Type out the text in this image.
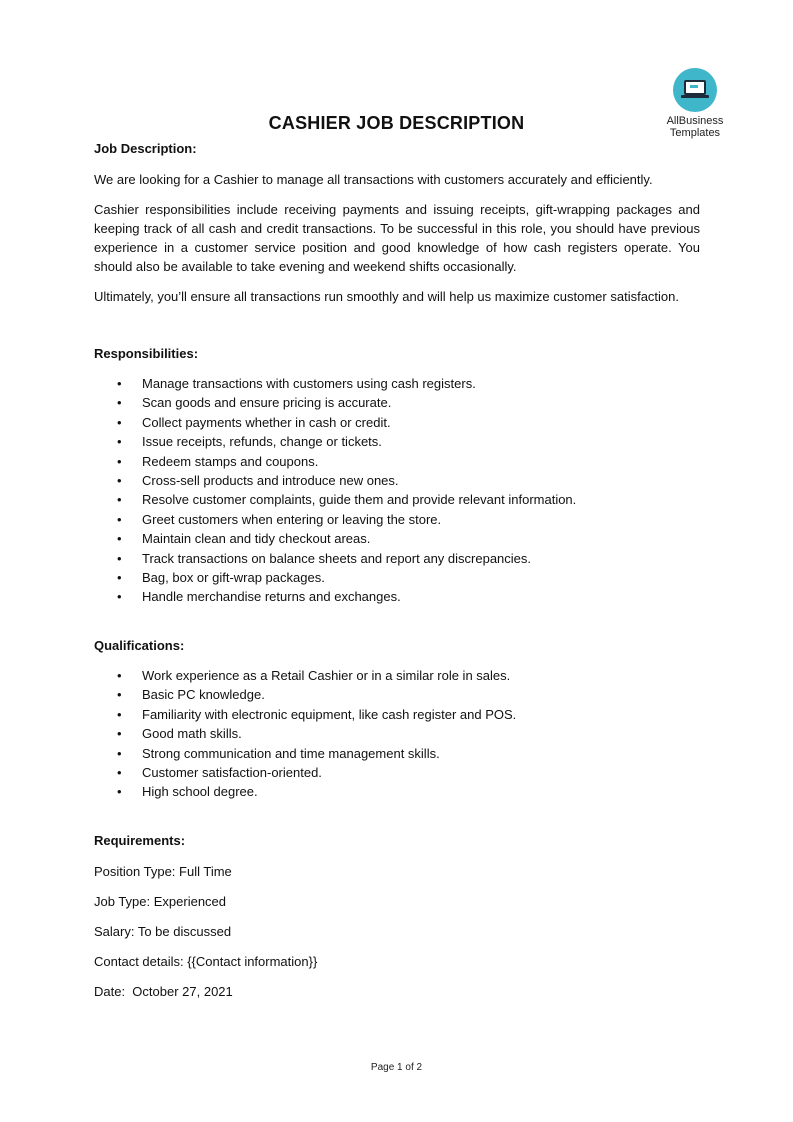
AllBusiness
Templates
CASHIER JOB DESCRIPTION

Job Description:

We are looking for a Cashier to manage all transactions with customers accurately and efficiently.

Cashier responsibilities include receiving payments and issuing receipts, gift-wrapping packages and keeping track of all cash and credit transactions. To be successful in this role, you should have previous experience in a customer service position and good knowledge of how cash registers operate. You should also be available to take evening and weekend shifts occasionally.

Ultimately, you’ll ensure all transactions run smoothly and will help us maximize customer satisfaction.

Responsibilities:

• Manage transactions with customers using cash registers.
• Scan goods and ensure pricing is accurate.
• Collect payments whether in cash or credit.
• Issue receipts, refunds, change or tickets.
• Redeem stamps and coupons.
• Cross-sell products and introduce new ones.
• Resolve customer complaints, guide them and provide relevant information.
• Greet customers when entering or leaving the store.
• Maintain clean and tidy checkout areas.
• Track transactions on balance sheets and report any discrepancies.
• Bag, box or gift-wrap packages.
• Handle merchandise returns and exchanges.

Qualifications:

• Work experience as a Retail Cashier or in a similar role in sales.
• Basic PC knowledge.
• Familiarity with electronic equipment, like cash register and POS.
• Good math skills.
• Strong communication and time management skills.
• Customer satisfaction-oriented.
• High school degree.

Requirements:

Position Type: Full Time

Job Type: Experienced

Salary: To be discussed

Contact details: {{Contact information}}

Date:  October 27, 2021

Page 1 of 2
